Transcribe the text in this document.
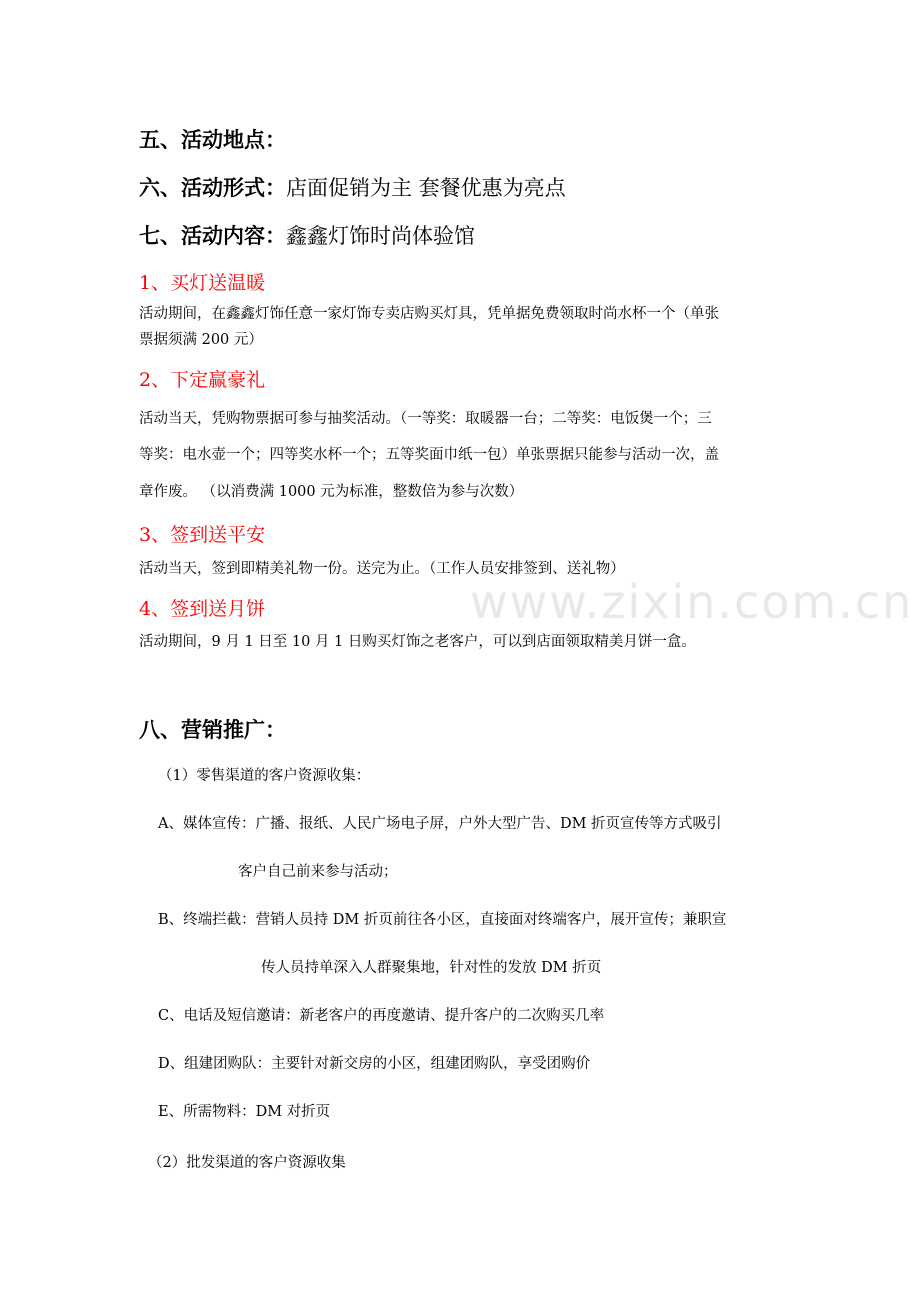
www.zixin.com.cn
五、活动地点：
六、活动形式：店面促销为主 套餐优惠为亮点
七、活动内容：鑫鑫灯饰时尚体验馆
1、买灯送温暖
活动期间，在鑫鑫灯饰任意一家灯饰专卖店购买灯具，凭单据免费领取时尚水杯一个（单张
票据须满 200 元）
2、下定赢豪礼
活动当天，凭购物票据可参与抽奖活动。（一等奖：取暖器一台；二等奖：电饭煲一个；三
等奖：电水壶一个；四等奖水杯一个；五等奖面巾纸一包）单张票据只能参与活动一次，盖
章作废。 （以消费满 1000 元为标准，整数倍为参与次数）
3、签到送平安
活动当天，签到即精美礼物一份。送完为止。（工作人员安排签到、送礼物）
4、签到送月饼
活动期间，9 月 1 日至 10 月 1 日购买灯饰之老客户，可以到店面领取精美月饼一盒。
八、营销推广：
（1）零售渠道的客户资源收集：
A、媒体宣传：广播、报纸、人民广场电子屏，户外大型广告、DM 折页宣传等方式吸引
客户自己前来参与活动；
B、终端拦截：营销人员持 DM 折页前往各小区，直接面对终端客户，展开宣传；兼职宣
传人员持单深入人群聚集地，针对性的发放 DM 折页
C、电话及短信邀请：新老客户的再度邀请、提升客户的二次购买几率
D、组建团购队：主要针对新交房的小区，组建团购队，享受团购价
E、所需物料：DM 对折页
（2）批发渠道的客户资源收集
